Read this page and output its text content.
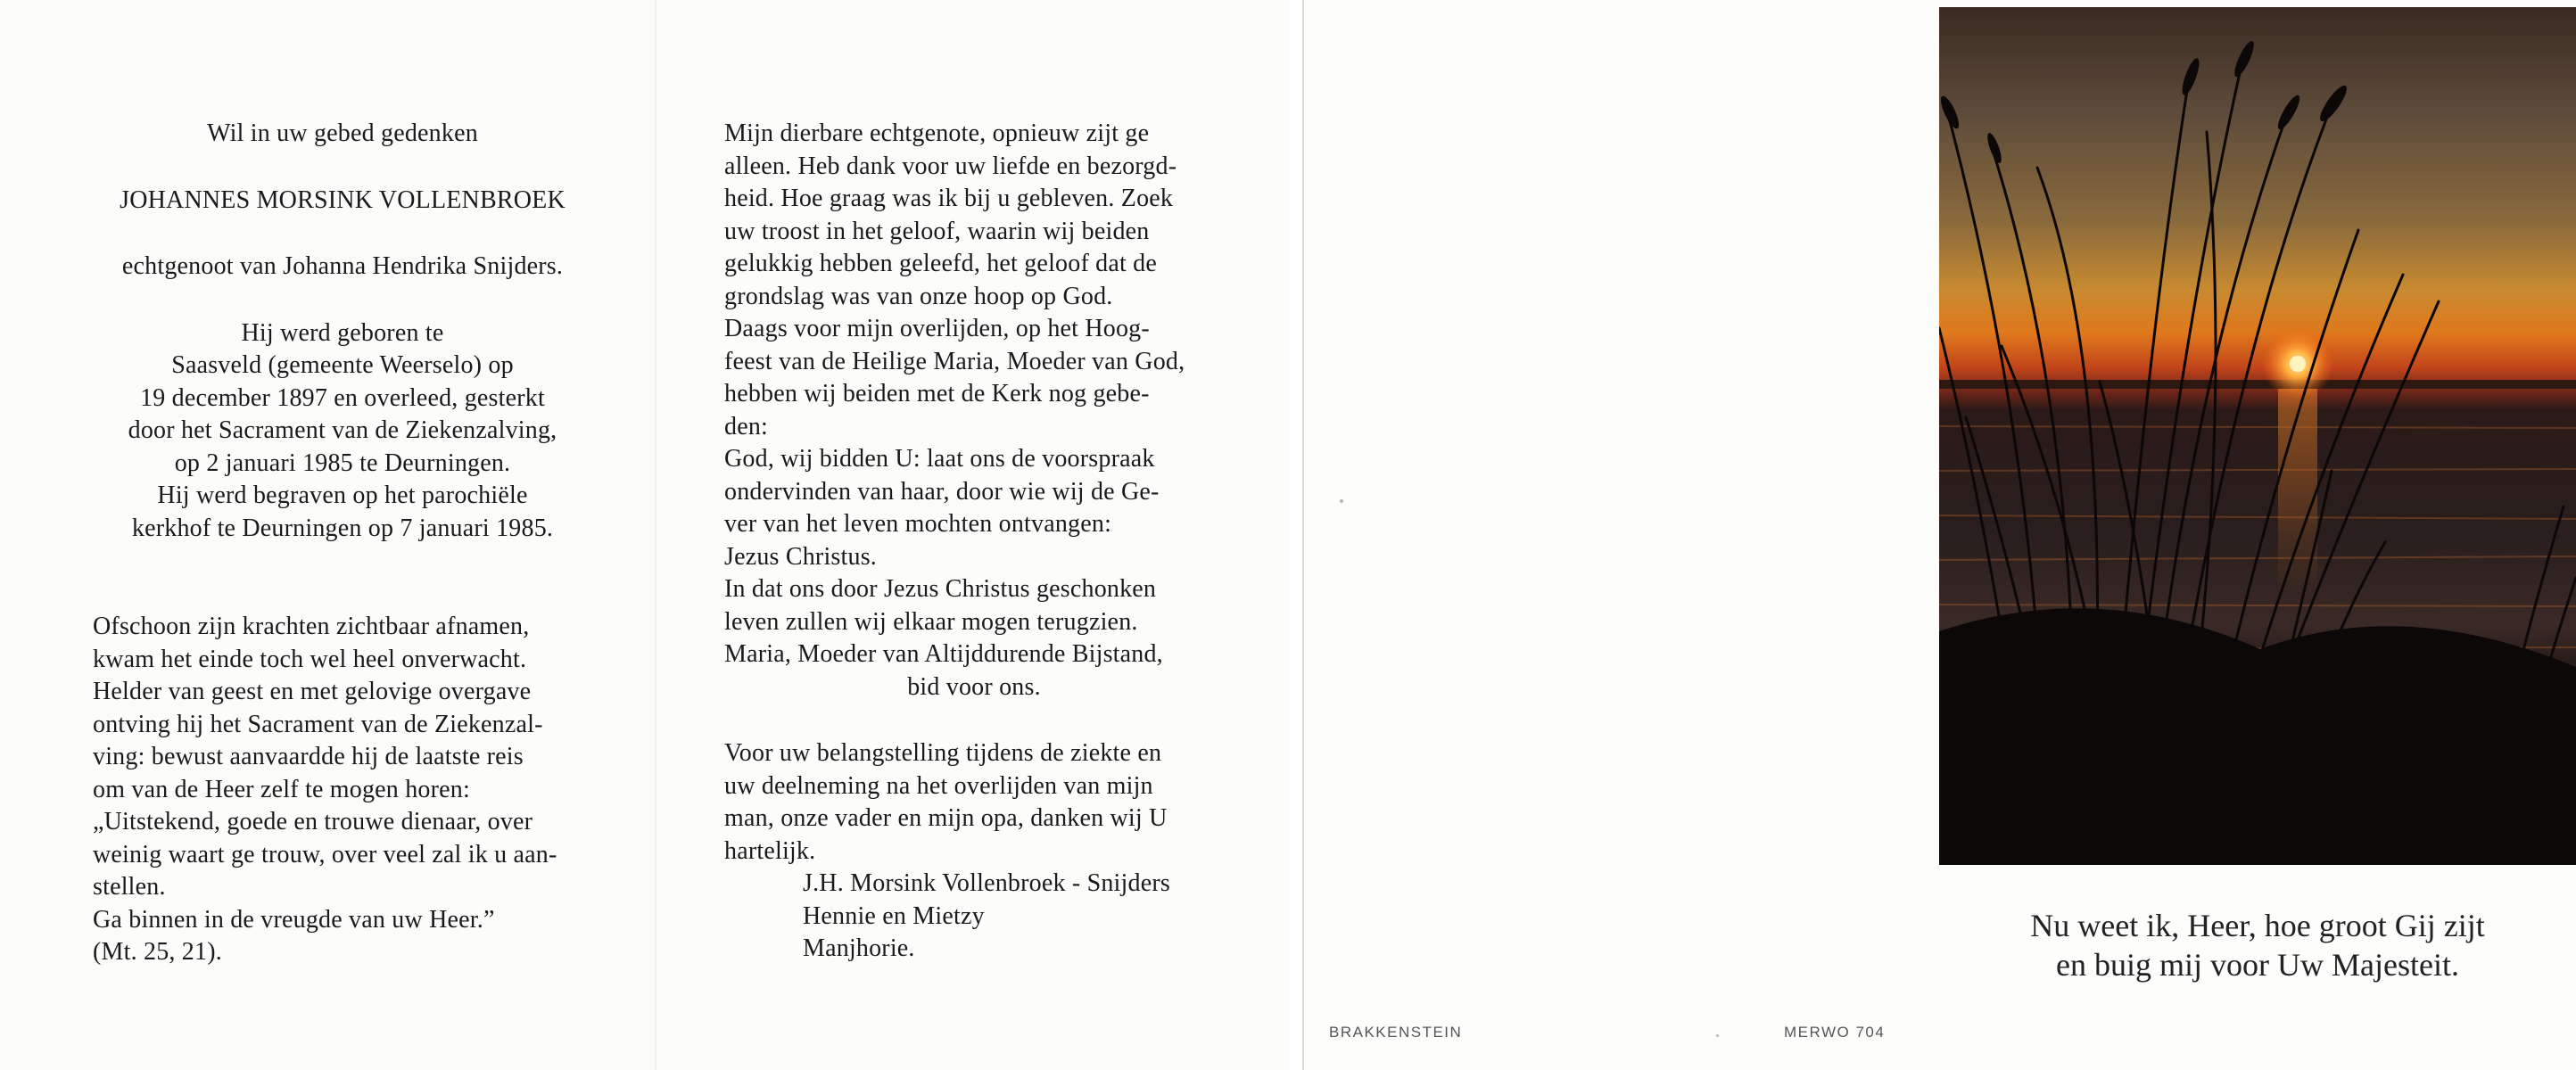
Wil in uw gebed gedenken

JOHANNES MORSINK VOLLENBROEK

echtgenoot van Johanna Hendrika Snijders.

Hij werd geboren te
Saasveld (gemeente Weerselo) op
19 december 1897 en overleed, gesterkt
door het Sacrament van de Ziekenzalving,
op 2 januari 1985 te Deurningen.
Hij werd begraven op het parochiële
kerkhof te Deurningen op 7 januari 1985.
Ofschoon zijn krachten zichtbaar afnamen,
kwam het einde toch wel heel onverwacht.
Helder van geest en met gelovige overgave
ontving hij het Sacrament van de Ziekenzal-
ving: bewust aanvaardde hij de laatste reis
om van de Heer zelf te mogen horen:
„Uitstekend, goede en trouwe dienaar, over
weinig waart ge trouw, over veel zal ik u aan-
stellen.
Ga binnen in de vreugde van uw Heer.”
(Mt. 25, 21).
Mijn dierbare echtgenote, opnieuw zijt ge
alleen. Heb dank voor uw liefde en bezorgd-
heid. Hoe graag was ik bij u gebleven. Zoek
uw troost in het geloof, waarin wij beiden
gelukkig hebben geleefd, het geloof dat de
grondslag was van onze hoop op God.
Daags voor mijn overlijden, op het Hoog-
feest van de Heilige Maria, Moeder van God,
hebben wij beiden met de Kerk nog gebe-
den:
God, wij bidden U: laat ons de voorspraak
ondervinden van haar, door wie wij de Ge-
ver van het leven mochten ontvangen:
Jezus Christus.
In dat ons door Jezus Christus geschonken
leven zullen wij elkaar mogen terugzien.
Maria, Moeder van Altijddurende Bijstand,
bid voor ons.
Voor uw belangstelling tijdens de ziekte en
uw deelneming na het overlijden van mijn
man, onze vader en mijn opa, danken wij U
hartelijk.
J.H. Morsink Vollenbroek - Snijders
Hennie en Mietzy
Manjhorie.
Nu weet ik, Heer, hoe groot Gij zijt
en buig mij voor Uw Majesteit.
BRAKKENSTEIN	MERWO 704
